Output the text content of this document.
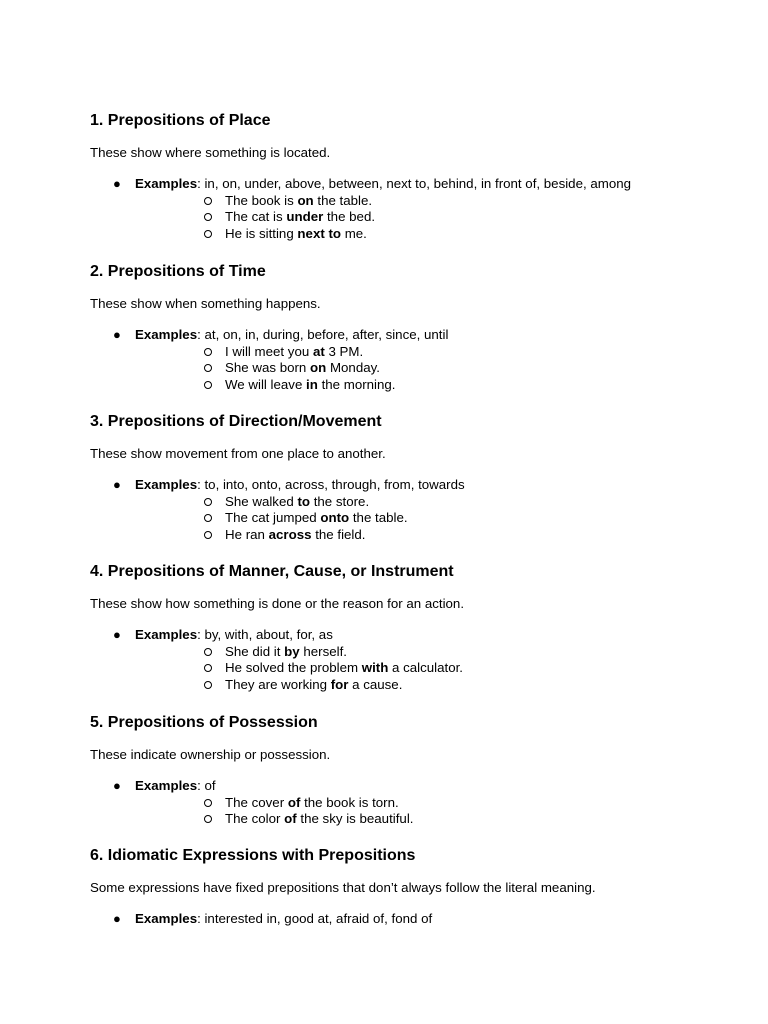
1. Prepositions of Place
These show where something is located.
● Examples: in, on, under, above, between, next to, behind, in front of, beside, among
The book is on the table.
The cat is under the bed.
He is sitting next to me.
2. Prepositions of Time
These show when something happens.
● Examples: at, on, in, during, before, after, since, until
I will meet you at 3 PM.
She was born on Monday.
We will leave in the morning.
3. Prepositions of Direction/Movement
These show movement from one place to another.
● Examples: to, into, onto, across, through, from, towards
She walked to the store.
The cat jumped onto the table.
He ran across the field.
4. Prepositions of Manner, Cause, or Instrument
These show how something is done or the reason for an action.
● Examples: by, with, about, for, as
She did it by herself.
He solved the problem with a calculator.
They are working for a cause.
5. Prepositions of Possession
These indicate ownership or possession.
● Examples: of
The cover of the book is torn.
The color of the sky is beautiful.
6. Idiomatic Expressions with Prepositions
Some expressions have fixed prepositions that don’t always follow the literal meaning.
● Examples: interested in, good at, afraid of, fond of
